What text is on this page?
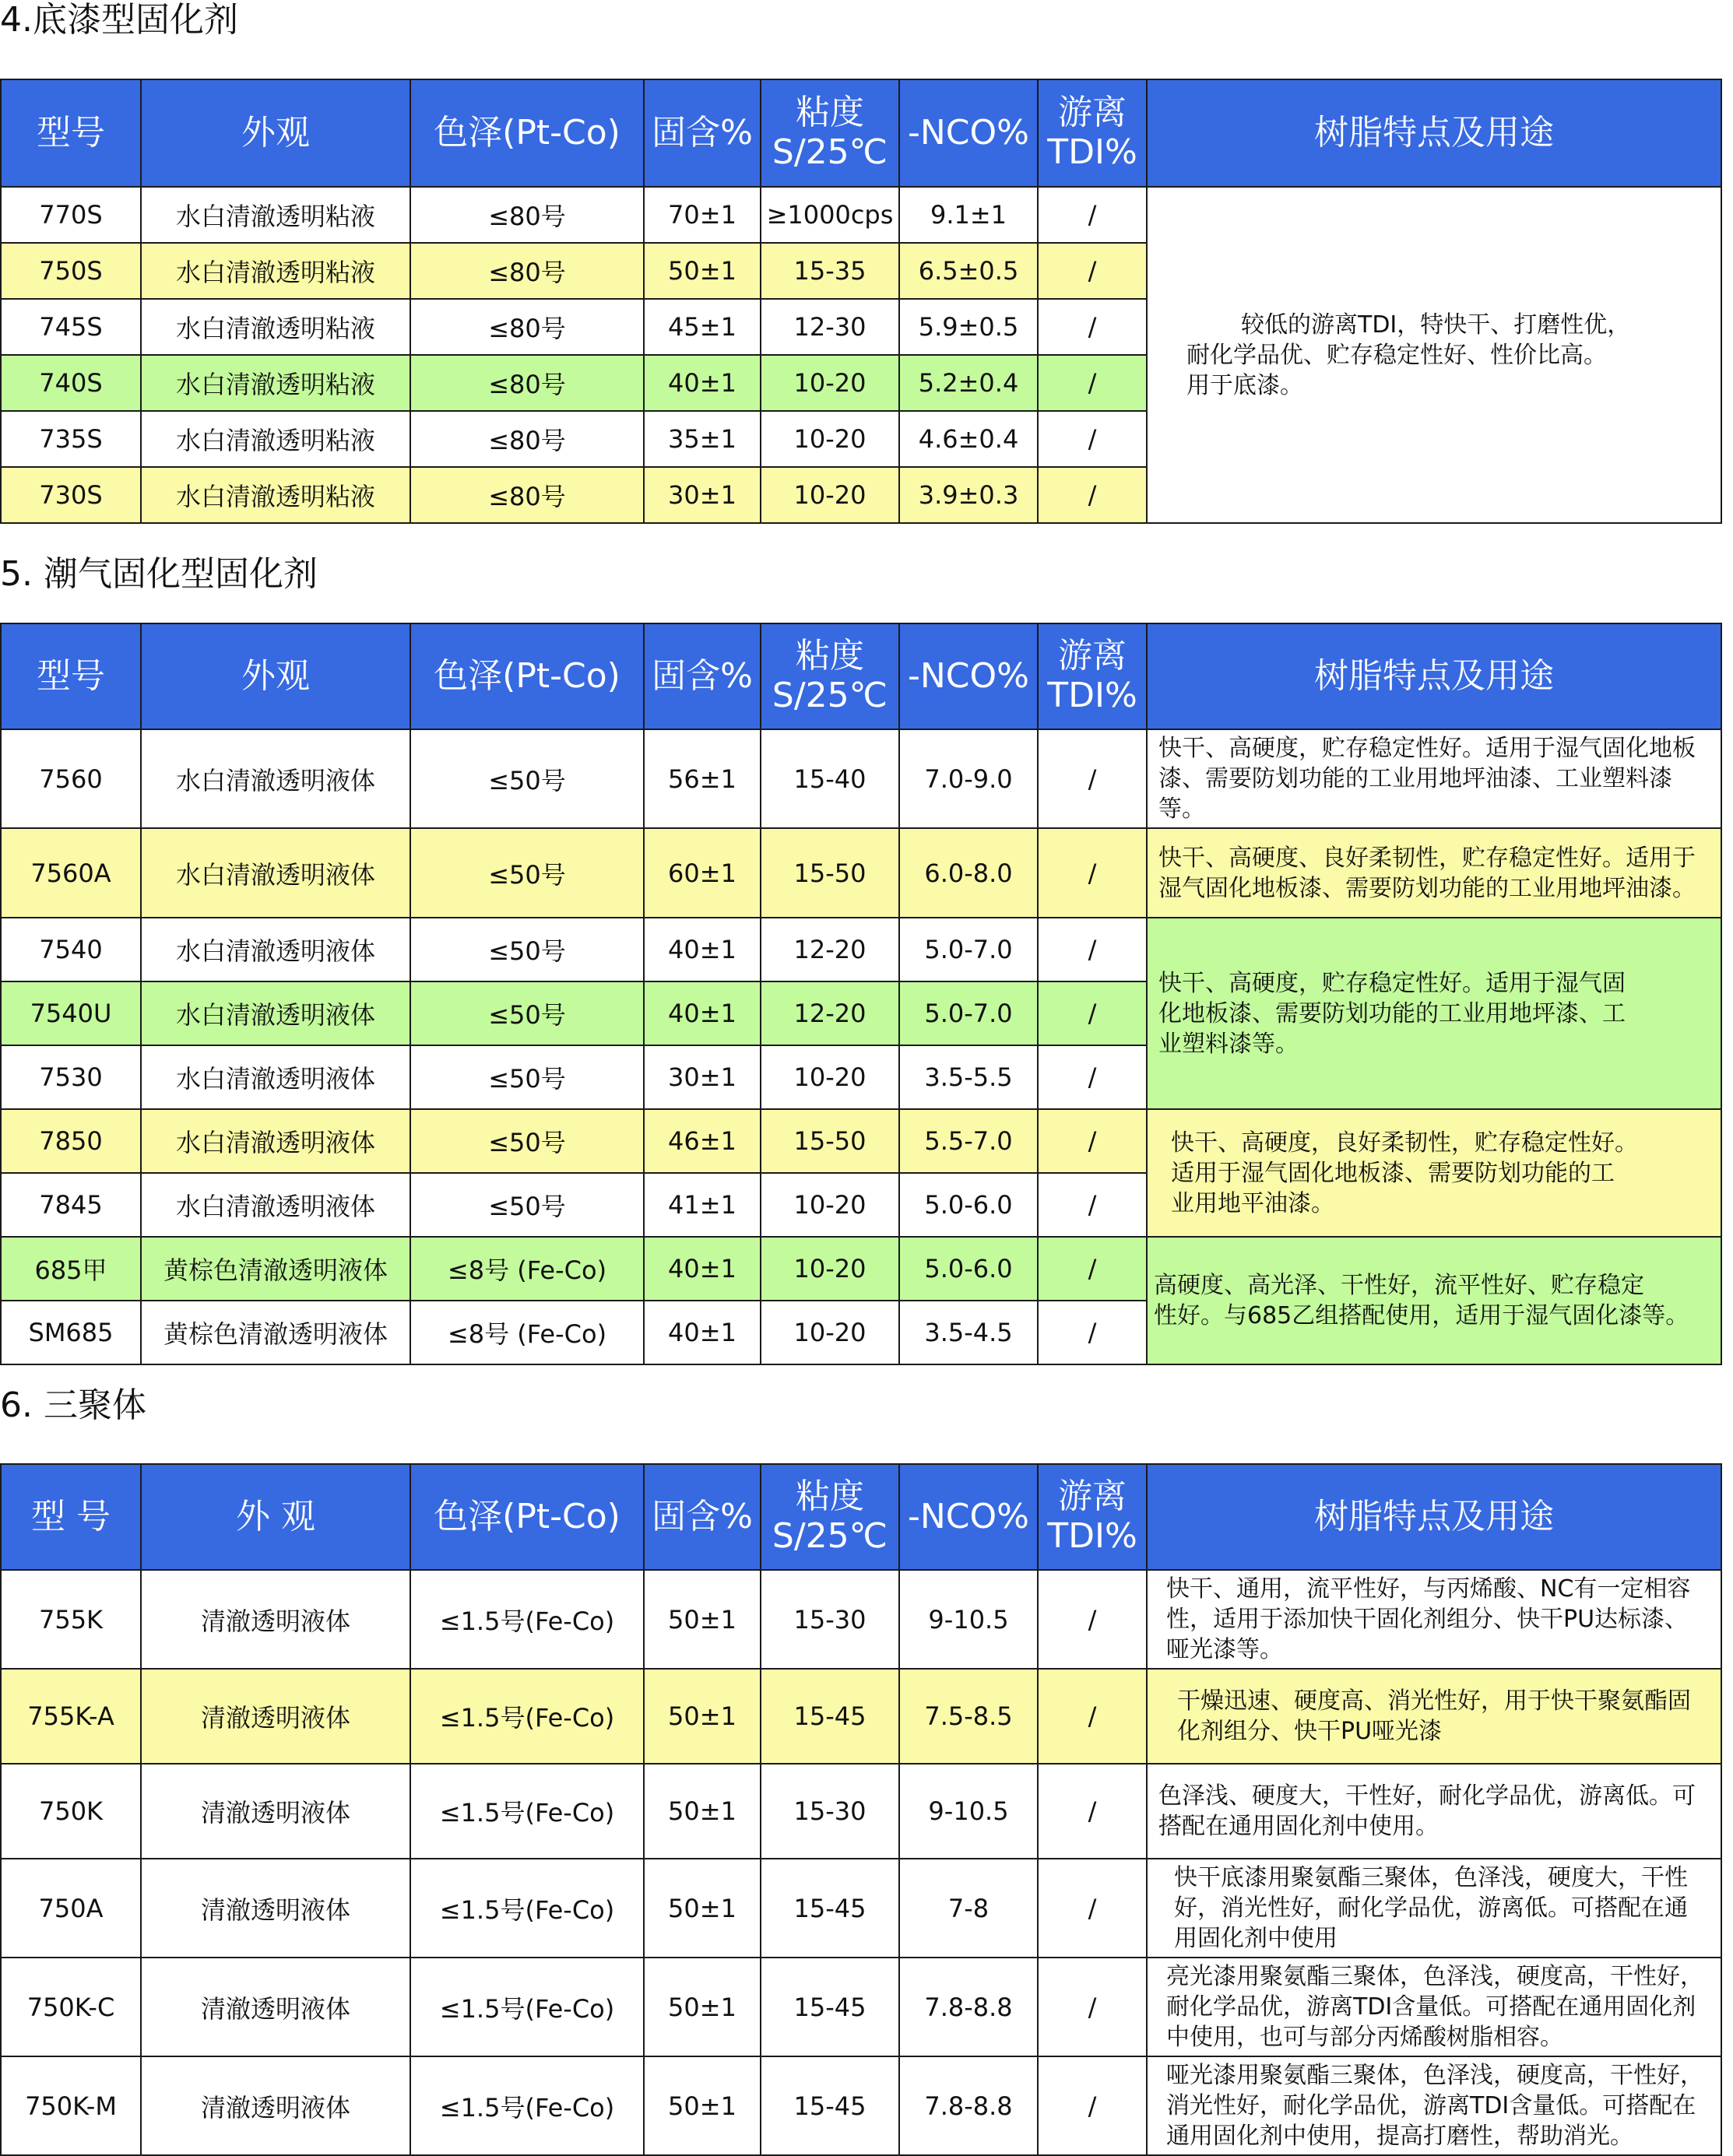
4.底漆型固化剂
型号	外观	色泽(Pt-Co)	固含%	粘度 S/25℃	-NCO%	游离 TDI%	树脂特点及用途
770S	水白清澈透明粘液	≤80号	70±1	≥1000cps	9.1±1	/	较低的游离TDI，特快干、打磨性优，
耐化学品优、贮存稳定性好、性价比高。
用于底漆。

750S	水白清澈透明粘液	≤80号	50±1	15-35	6.5±0.5	/	
745S	水白清澈透明粘液	≤80号	45±1	12-30	5.9±0.5	/	
740S	水白清澈透明粘液	≤80号	40±1	10-20	5.2±0.4	/	
735S	水白清澈透明粘液	≤80号	35±1	10-20	4.6±0.4	/	
730S	水白清澈透明粘液	≤80号	30±1	10-20	3.9±0.3	/	
5. 潮气固化型固化剂
型号	外观	色泽(Pt-Co)	固含%	粘度 S/25℃	-NCO%	游离 TDI%	树脂特点及用途
7560	水白清澈透明液体	≤50号	56±1	15-40	7.0-9.0	/	快干、高硬度，贮存稳定性好。适用于湿气固化地板
漆、需要防划功能的工业用地坪油漆、工业塑料漆等。

7560A	水白清澈透明液体	≤50号	60±1	15-50	6.0-8.0	/	快干、高硬度、良好柔韧性，贮存稳定性好。适用于
湿气固化地板漆、需要防划功能的工业用地坪油漆。

7540	水白清澈透明液体	≤50号	40±1	12-20	5.0-7.0	/	快干、高硬度，贮存稳定性好。适用于湿气固
化地板漆、需要防划功能的工业用地坪漆、工
业塑料漆等。

7540U	水白清澈透明液体	≤50号	40±1	12-20	5.0-7.0	/	
7530	水白清澈透明液体	≤50号	30±1	10-20	3.5-5.5	/	
7850	水白清澈透明液体	≤50号	46±1	15-50	5.5-7.0	/	快干、高硬度，良好柔韧性，贮存稳定性好。
适用于湿气固化地板漆、需要防划功能的工
业用地平油漆。

7845	水白清澈透明液体	≤50号	41±1	10-20	5.0-6.0	/	
685甲	黄棕色清澈透明液体	≤8号 (Fe-Co)	40±1	10-20	5.0-6.0	/	高硬度、高光泽、干性好，流平性好、贮存稳定
性好。与685乙组搭配使用，适用于湿气固化漆等。

SM685	黄棕色清澈透明液体	≤8号 (Fe-Co)	40±1	10-20	3.5-4.5	/	
6. 三聚体
型 号	外 观	色泽(Pt-Co)	固含%	粘度 S/25℃	-NCO%	游离 TDI%	树脂特点及用途
755K	清澈透明液体	≤1.5号(Fe-Co)	50±1	15-30	9-10.5	/	快干、通用，流平性好，与丙烯酸、NC有一定相容
性，适用于添加快干固化剂组分、快干PU达标漆、
哑光漆等。

755K-A	清澈透明液体	≤1.5号(Fe-Co)	50±1	15-45	7.5-8.5	/	干燥迅速、硬度高、消光性好，用于快干聚氨酯固
化剂组分、快干PU哑光漆

750K	清澈透明液体	≤1.5号(Fe-Co)	50±1	15-30	9-10.5	/	色泽浅、硬度大，干性好，耐化学品优，游离低。可
搭配在通用固化剂中使用。

750A	清澈透明液体	≤1.5号(Fe-Co)	50±1	15-45	7-8	/	快干底漆用聚氨酯三聚体，色泽浅，硬度大，干性
好，消光性好，耐化学品优，游离低。可搭配在通
用固化剂中使用

750K-C	清澈透明液体	≤1.5号(Fe-Co)	50±1	15-45	7.8-8.8	/	亮光漆用聚氨酯三聚体，色泽浅，硬度高，干性好，
耐化学品优，游离TDI含量低。可搭配在通用固化剂
中使用，也可与部分丙烯酸树脂相容。

750K-M	清澈透明液体	≤1.5号(Fe-Co)	50±1	15-45	7.8-8.8	/	哑光漆用聚氨酯三聚体，色泽浅，硬度高，干性好，
消光性好，耐化学品优，游离TDI含量低。可搭配在
通用固化剂中使用，提高打磨性，帮助消光。
